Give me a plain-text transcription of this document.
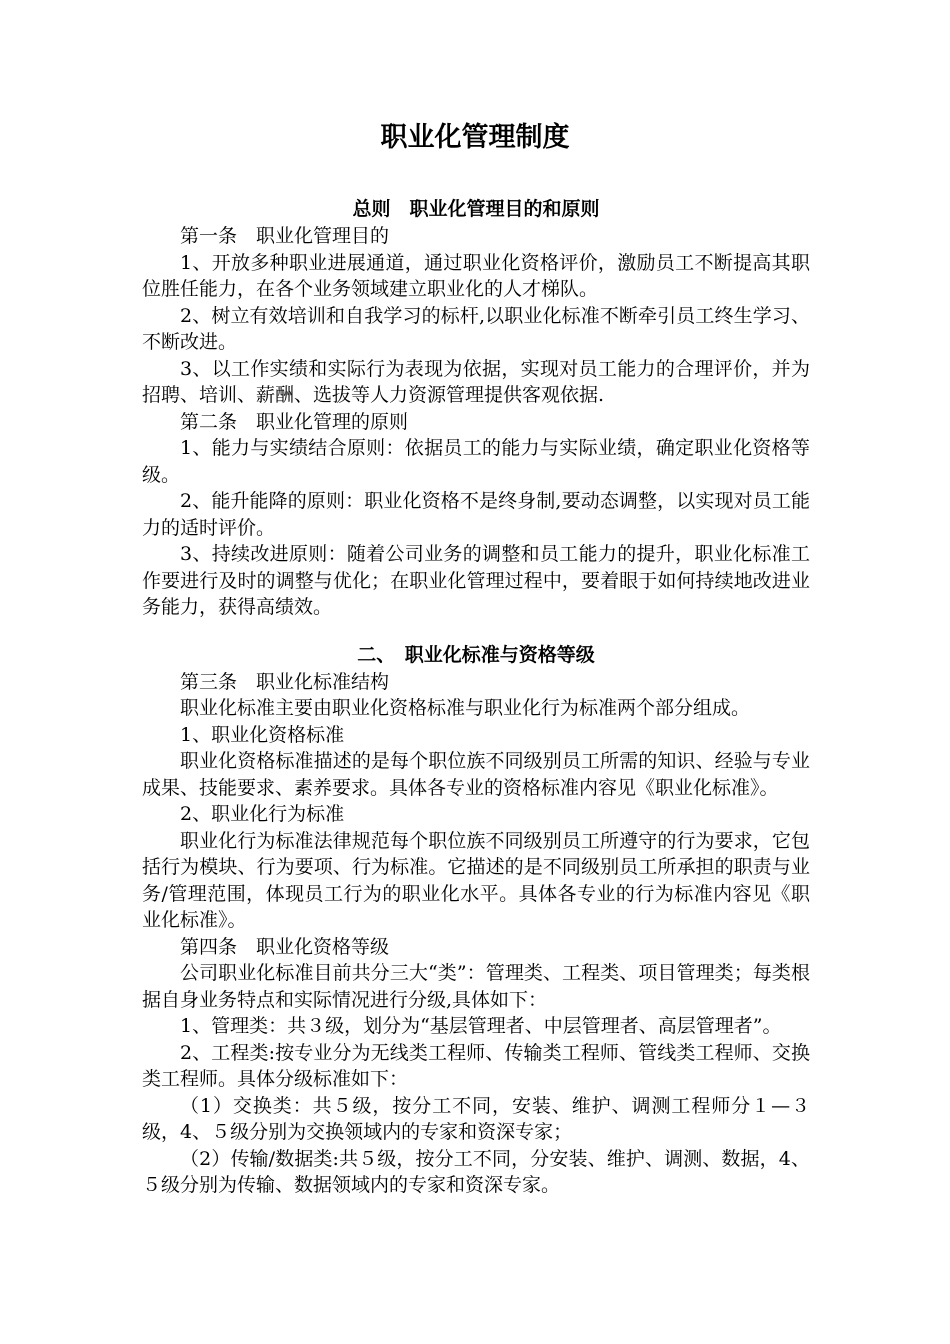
职业化管理制度
总则　职业化管理目的和原则

第一条　职业化管理目的

1、开放多种职业进展通道，通过职业化资格评价，激励员工不断提高其职位胜任能力，在各个业务领域建立职业化的人才梯队。

2、树立有效培训和自我学习的标杆,以职业化标准不断牵引员工终生学习、不断改进。

3、以工作实绩和实际行为表现为依据，实现对员工能力的合理评价，并为招聘、培训、薪酬、选拔等人力资源管理提供客观依据.

第二条　职业化管理的原则

1、能力与实绩结合原则：依据员工的能力与实际业绩，确定职业化资格等级。

2、能升能降的原则：职业化资格不是终身制,要动态调整，以实现对员工能力的适时评价。

3、持续改进原则：随着公司业务的调整和员工能力的提升，职业化标准工作要进行及时的调整与优化；在职业化管理过程中，要着眼于如何持续地改进业务能力，获得高绩效。

二、　职业化标准与资格等级

第三条　职业化标准结构

职业化标准主要由职业化资格标准与职业化行为标准两个部分组成。

1、职业化资格标准

职业化资格标准描述的是每个职位族不同级别员工所需的知识、经验与专业成果、技能要求、素养要求。具体各专业的资格标准内容见《职业化标准》。

2、职业化行为标准

职业化行为标准法律规范每个职位族不同级别员工所遵守的行为要求，它包括行为模块、行为要项、行为标准。它描述的是不同级别员工所承担的职责与业务/管理范围，体现员工行为的职业化水平。具体各专业的行为标准内容见《职业化标准》。

第四条　职业化资格等级

公司职业化标准目前共分三大“类”：管理类、工程类、项目管理类；每类根据自身业务特点和实际情况进行分级,具体如下：

1、管理类：共３级，划分为“基层管理者、中层管理者、高层管理者”。

2、工程类:按专业分为无线类工程师、传输类工程师、管线类工程师、交换类工程师。具体分级标准如下：

（1）交换类：共５级，按分工不同，安装、维护、调测工程师分１—３级，4、５级分别为交换领域内的专家和资深专家；

（2）传输/数据类:共５级，按分工不同，分安装、维护、调测、数据，4、５级分别为传输、数据领域内的专家和资深专家。
